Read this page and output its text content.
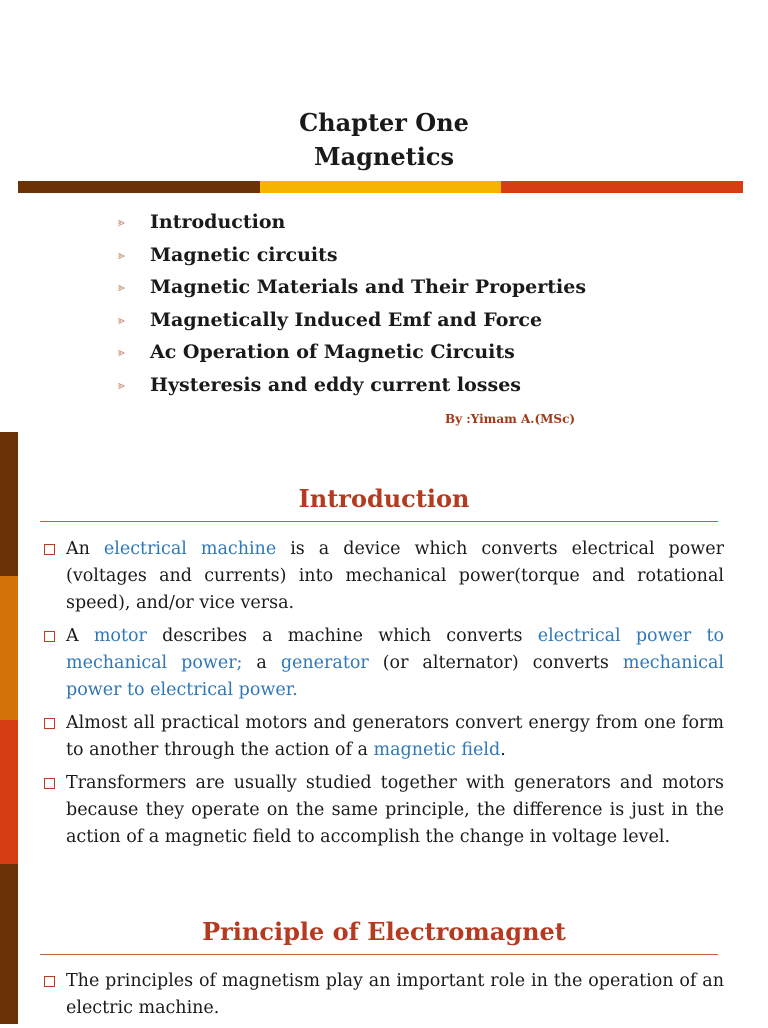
Chapter One
Magnetics
⪢ Introduction
⪢ Magnetic circuits
⪢ Magnetic Materials and Their Properties
⪢ Magnetically Induced Emf and Force
⪢ Ac Operation of Magnetic Circuits
⪢ Hysteresis and eddy current losses
By :Yimam A.(MSc)
Introduction
An electrical machine is a device which converts electrical power (voltages and currents) into mechanical power(torque and rotational speed), and/or vice versa.
A motor describes a machine which converts electrical power to mechanical power; a generator (or alternator) converts mechanical power to electrical power.
Almost all practical motors and generators convert energy from one form to another through the action of a magnetic field.
Transformers are usually studied together with generators and motors because they operate on the same principle, the difference is just in the action of a magnetic field to accomplish the change in voltage level.
Principle of Electromagnet
The principles of magnetism play an important role in the operation of an electric machine.
